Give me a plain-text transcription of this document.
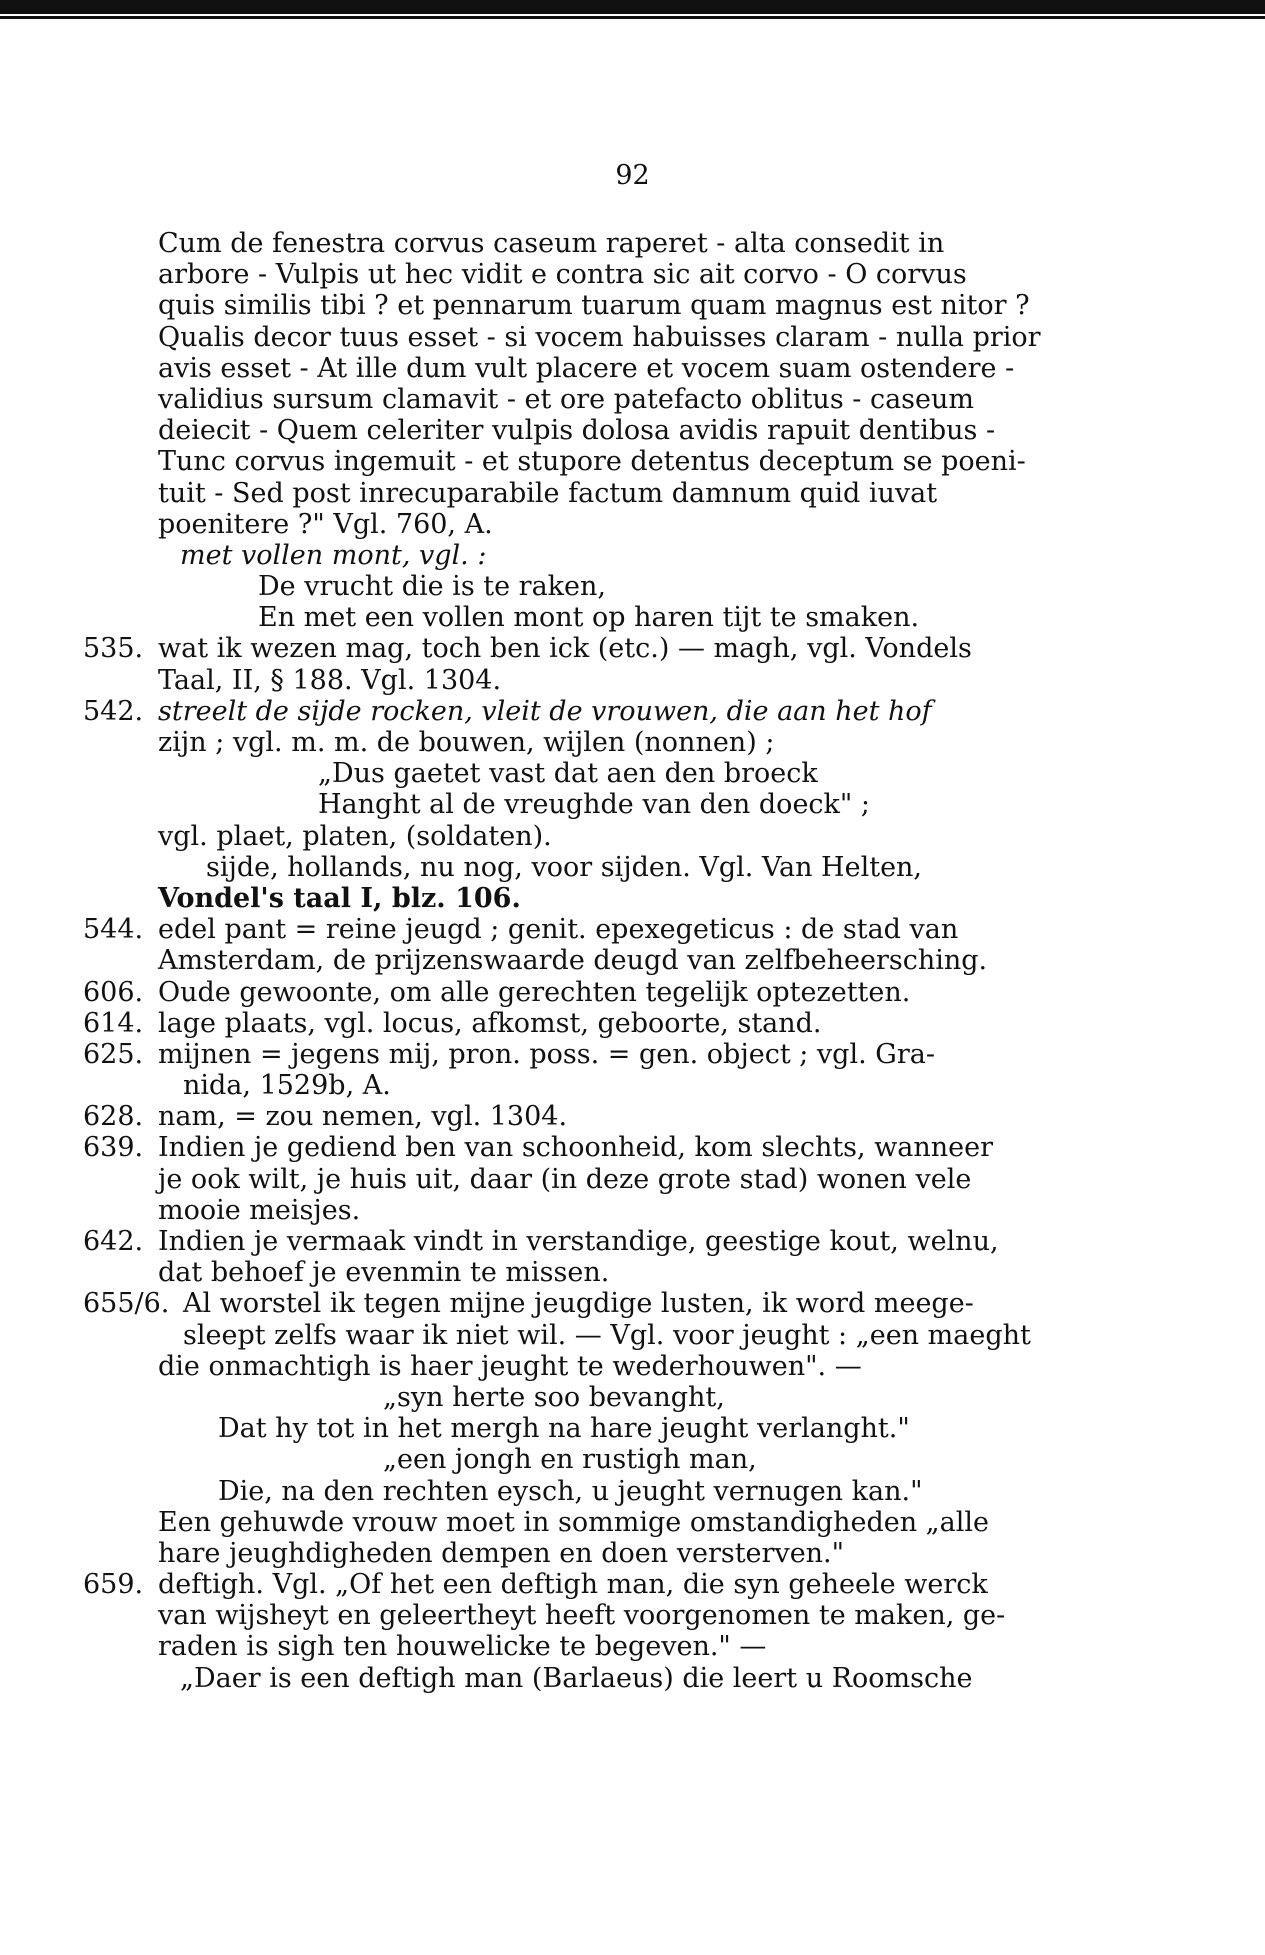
92
Cum de fenestra corvus caseum raperet - alta consedit in
arbore - Vulpis ut hec vidit e contra sic ait corvo - O corvus
quis similis tibi ? et pennarum tuarum quam magnus est nitor ?
Qualis decor tuus esset - si vocem habuisses claram - nulla prior
avis esset - At ille dum vult placere et vocem suam ostendere -
validius sursum clamavit - et ore patefacto oblitus - caseum
deiecit - Quem celeriter vulpis dolosa avidis rapuit dentibus -
Tunc corvus ingemuit - et stupore detentus deceptum se poeni-
tuit - Sed post inrecuparabile factum damnum quid iuvat
poenitere ?" Vgl. 760, A.
met vollen mont, vgl. :
De vrucht die is te raken,
En met een vollen mont op haren tijt te smaken.
535. wat ik wezen mag, toch ben ick (etc.) — magh, vgl. Vondels
Taal, II, § 188. Vgl. 1304.
542. streelt de sijde rocken, vleit de vrouwen, die aan het hof
zijn ; vgl. m. m. de bouwen, wijlen (nonnen) ;
„Dus gaetet vast dat aen den broeck
Hanght al de vreughde van den doeck" ;
vgl. plaet, platen, (soldaten).
sijde, hollands, nu nog, voor sijden. Vgl. Van Helten,
Vondel's taal I, blz. 106.
544. edel pant = reine jeugd ; genit. epexegeticus : de stad van
Amsterdam, de prijzenswaarde deugd van zelfbeheersching.
606. Oude gewoonte, om alle gerechten tegelijk optezetten.
614. lage plaats, vgl. locus, afkomst, geboorte, stand.
625. mijnen = jegens mij, pron. poss. = gen. object ; vgl. Gra-
nida, 1529b, A.
628. nam, = zou nemen, vgl. 1304.
639. Indien je gediend ben van schoonheid, kom slechts, wanneer
je ook wilt, je huis uit, daar (in deze grote stad) wonen vele
mooie meisjes.
642. Indien je vermaak vindt in verstandige, geestige kout, welnu,
dat behoef je evenmin te missen.
655/6. Al worstel ik tegen mijne jeugdige lusten, ik word meege-
sleept zelfs waar ik niet wil. — Vgl. voor jeught : „een maeght
die onmachtigh is haer jeught te wederhouwen". —
„syn herte soo bevanght,
Dat hy tot in het mergh na hare jeught verlanght."
„een jongh en rustigh man,
Die, na den rechten eysch, u jeught vernugen kan."
Een gehuwde vrouw moet in sommige omstandigheden „alle
hare jeughdigheden dempen en doen versterven."
659. deftigh. Vgl. „Of het een deftigh man, die syn geheele werck
van wijsheyt en geleertheyt heeft voorgenomen te maken, ge-
raden is sigh ten houwelicke te begeven." —
„Daer is een deftigh man (Barlaeus) die leert u Roomsche
